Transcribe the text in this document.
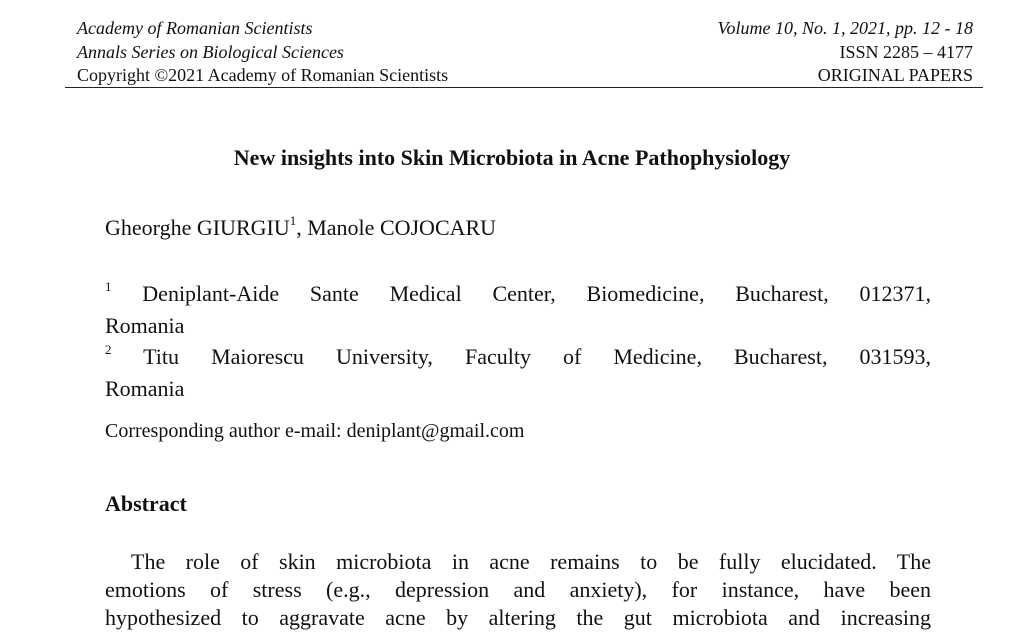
Academy of Romanian Scientists	Volume 10, No. 1, 2021, pp. 12 - 18
Annals Series on Biological Sciences	ISSN 2285 – 4177
Copyright ©2021 Academy of Romanian Scientists	ORIGINAL PAPERS
New insights into Skin Microbiota in Acne Pathophysiology
Gheorghe GIURGIU$^1$, Manole COJOCARU
$^1$ Deniplant-Aide Sante Medical Center, Biomedicine, Bucharest, 012371,
Romania
$^2$ Titu Maiorescu University, Faculty of Medicine, Bucharest, 031593,
Romania
Corresponding author e-mail: deniplant@gmail.com
Abstract
The role of skin microbiota in acne remains to be fully elucidated. The
emotions of stress (e.g., depression and anxiety), for instance, have been
hypothesized to aggravate acne by altering the gut microbiota and increasing
